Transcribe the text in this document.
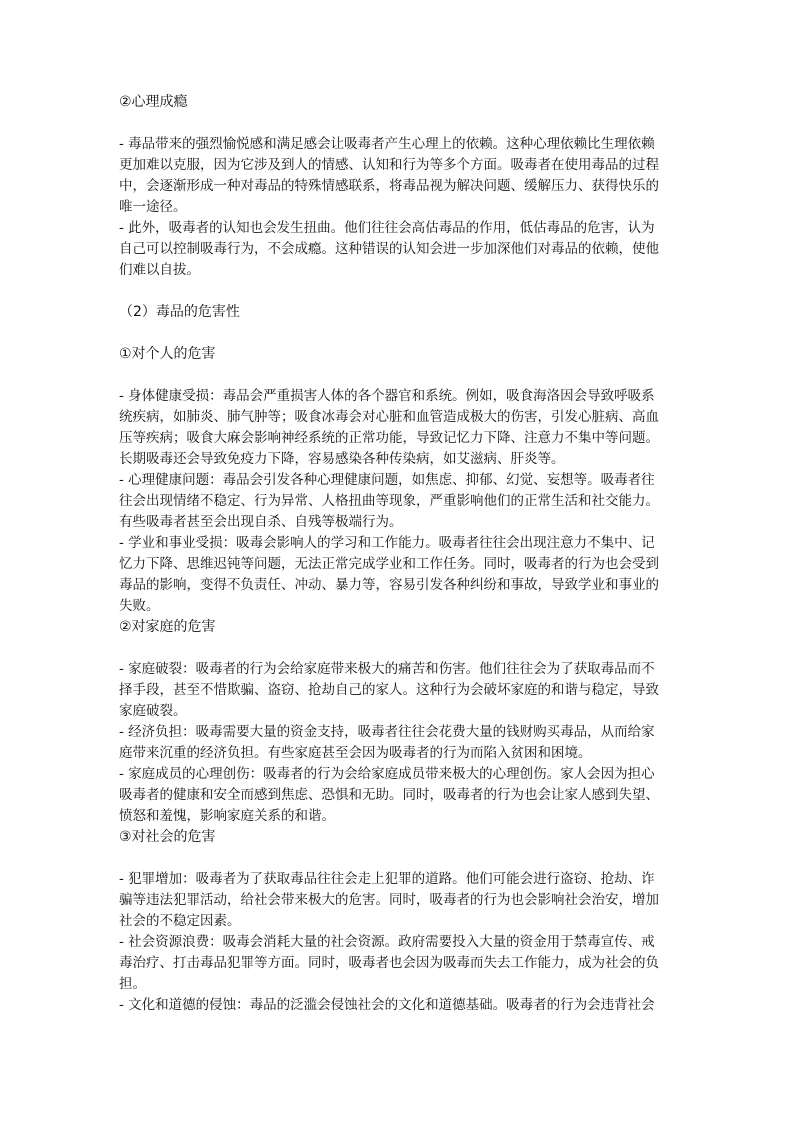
②心理成瘾
- 毒品带来的强烈愉悦感和满足感会让吸毒者产生心理上的依赖。这种心理依赖比生理依赖
更加难以克服，因为它涉及到人的情感、认知和行为等多个方面。吸毒者在使用毒品的过程
中，会逐渐形成一种对毒品的特殊情感联系，将毒品视为解决问题、缓解压力、获得快乐的
唯一途径。
- 此外，吸毒者的认知也会发生扭曲。他们往往会高估毒品的作用，低估毒品的危害，认为
自己可以控制吸毒行为，不会成瘾。这种错误的认知会进一步加深他们对毒品的依赖，使他
们难以自拔。
（2）毒品的危害性
①对个人的危害
- 身体健康受损：毒品会严重损害人体的各个器官和系统。例如，吸食海洛因会导致呼吸系
统疾病，如肺炎、肺气肿等；吸食冰毒会对心脏和血管造成极大的伤害，引发心脏病、高血
压等疾病；吸食大麻会影响神经系统的正常功能，导致记忆力下降、注意力不集中等问题。
长期吸毒还会导致免疫力下降，容易感染各种传染病，如艾滋病、肝炎等。
- 心理健康问题：毒品会引发各种心理健康问题，如焦虑、抑郁、幻觉、妄想等。吸毒者往
往会出现情绪不稳定、行为异常、人格扭曲等现象，严重影响他们的正常生活和社交能力。
有些吸毒者甚至会出现自杀、自残等极端行为。
- 学业和事业受损：吸毒会影响人的学习和工作能力。吸毒者往往会出现注意力不集中、记
忆力下降、思维迟钝等问题，无法正常完成学业和工作任务。同时，吸毒者的行为也会受到
毒品的影响，变得不负责任、冲动、暴力等，容易引发各种纠纷和事故，导致学业和事业的
失败。
②对家庭的危害
- 家庭破裂：吸毒者的行为会给家庭带来极大的痛苦和伤害。他们往往会为了获取毒品而不
择手段，甚至不惜欺骗、盗窃、抢劫自己的家人。这种行为会破坏家庭的和谐与稳定，导致
家庭破裂。
- 经济负担：吸毒需要大量的资金支持，吸毒者往往会花费大量的钱财购买毒品，从而给家
庭带来沉重的经济负担。有些家庭甚至会因为吸毒者的行为而陷入贫困和困境。
- 家庭成员的心理创伤：吸毒者的行为会给家庭成员带来极大的心理创伤。家人会因为担心
吸毒者的健康和安全而感到焦虑、恐惧和无助。同时，吸毒者的行为也会让家人感到失望、
愤怒和羞愧，影响家庭关系的和谐。
③对社会的危害
- 犯罪增加：吸毒者为了获取毒品往往会走上犯罪的道路。他们可能会进行盗窃、抢劫、诈
骗等违法犯罪活动，给社会带来极大的危害。同时，吸毒者的行为也会影响社会治安，增加
社会的不稳定因素。
- 社会资源浪费：吸毒会消耗大量的社会资源。政府需要投入大量的资金用于禁毒宣传、戒
毒治疗、打击毒品犯罪等方面。同时，吸毒者也会因为吸毒而失去工作能力，成为社会的负
担。
- 文化和道德的侵蚀：毒品的泛滥会侵蚀社会的文化和道德基础。吸毒者的行为会违背社会
